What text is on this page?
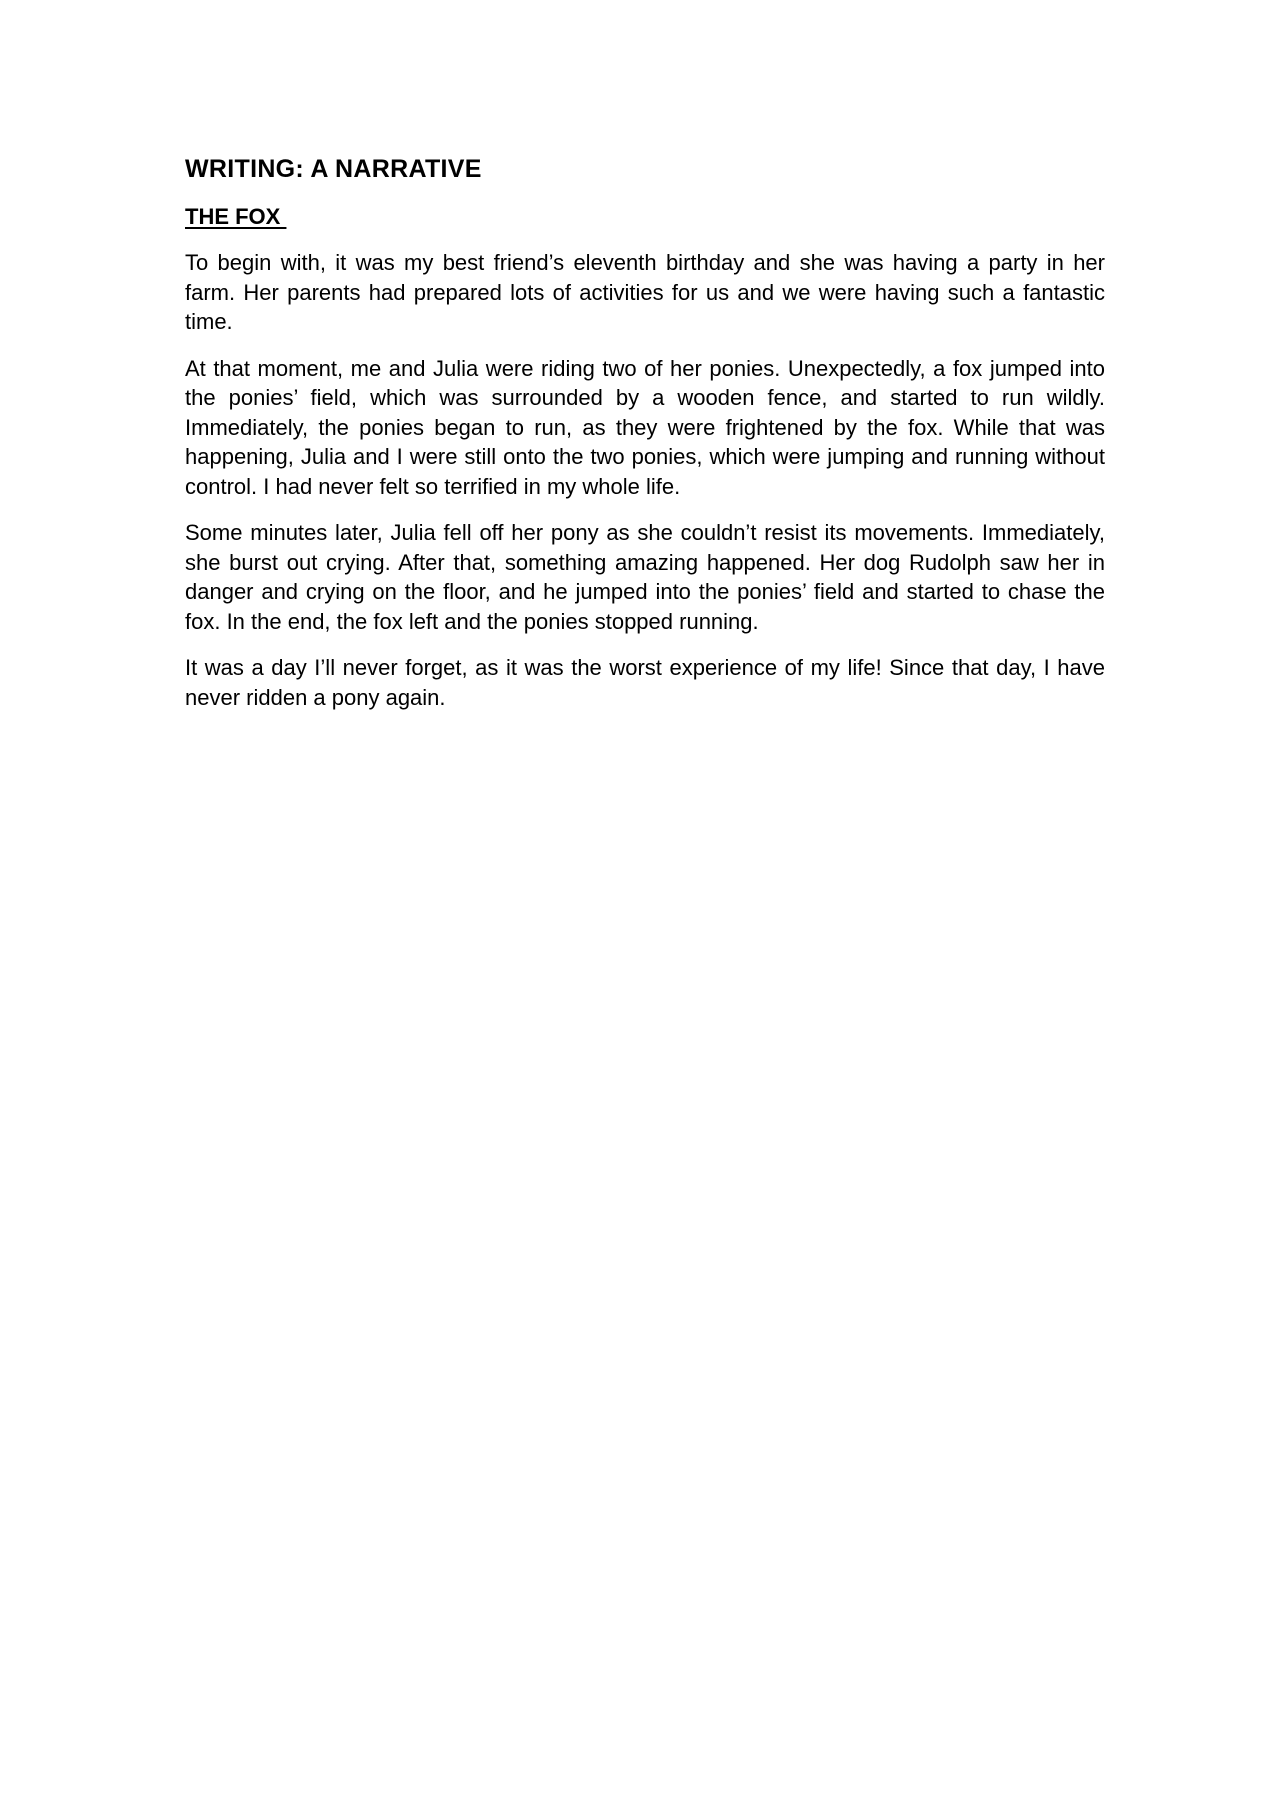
WRITING: A NARRATIVE
THE FOX

To begin with, it was my best friend’s eleventh birthday and she was having a party in her farm. Her parents had prepared lots of activities for us and we were having such a fantastic time.

At that moment, me and Julia were riding two of her ponies. Unexpectedly, a fox jumped into the ponies’ field, which was surrounded by a wooden fence, and started to run wildly. Immediately, the ponies began to run, as they were frightened by the fox. While that was happening, Julia and I were still onto the two ponies, which were jumping and running without control. I had never felt so terrified in my whole life.

Some minutes later, Julia fell off her pony as she couldn’t resist its movements. Immediately, she burst out crying. After that, something amazing happened. Her dog Rudolph saw her in danger and crying on the floor, and he jumped into the ponies’ field and started to chase the fox. In the end, the fox left and the ponies stopped running.

It was a day I’ll never forget, as it was the worst experience of my life! Since that day, I have never ridden a pony again.
